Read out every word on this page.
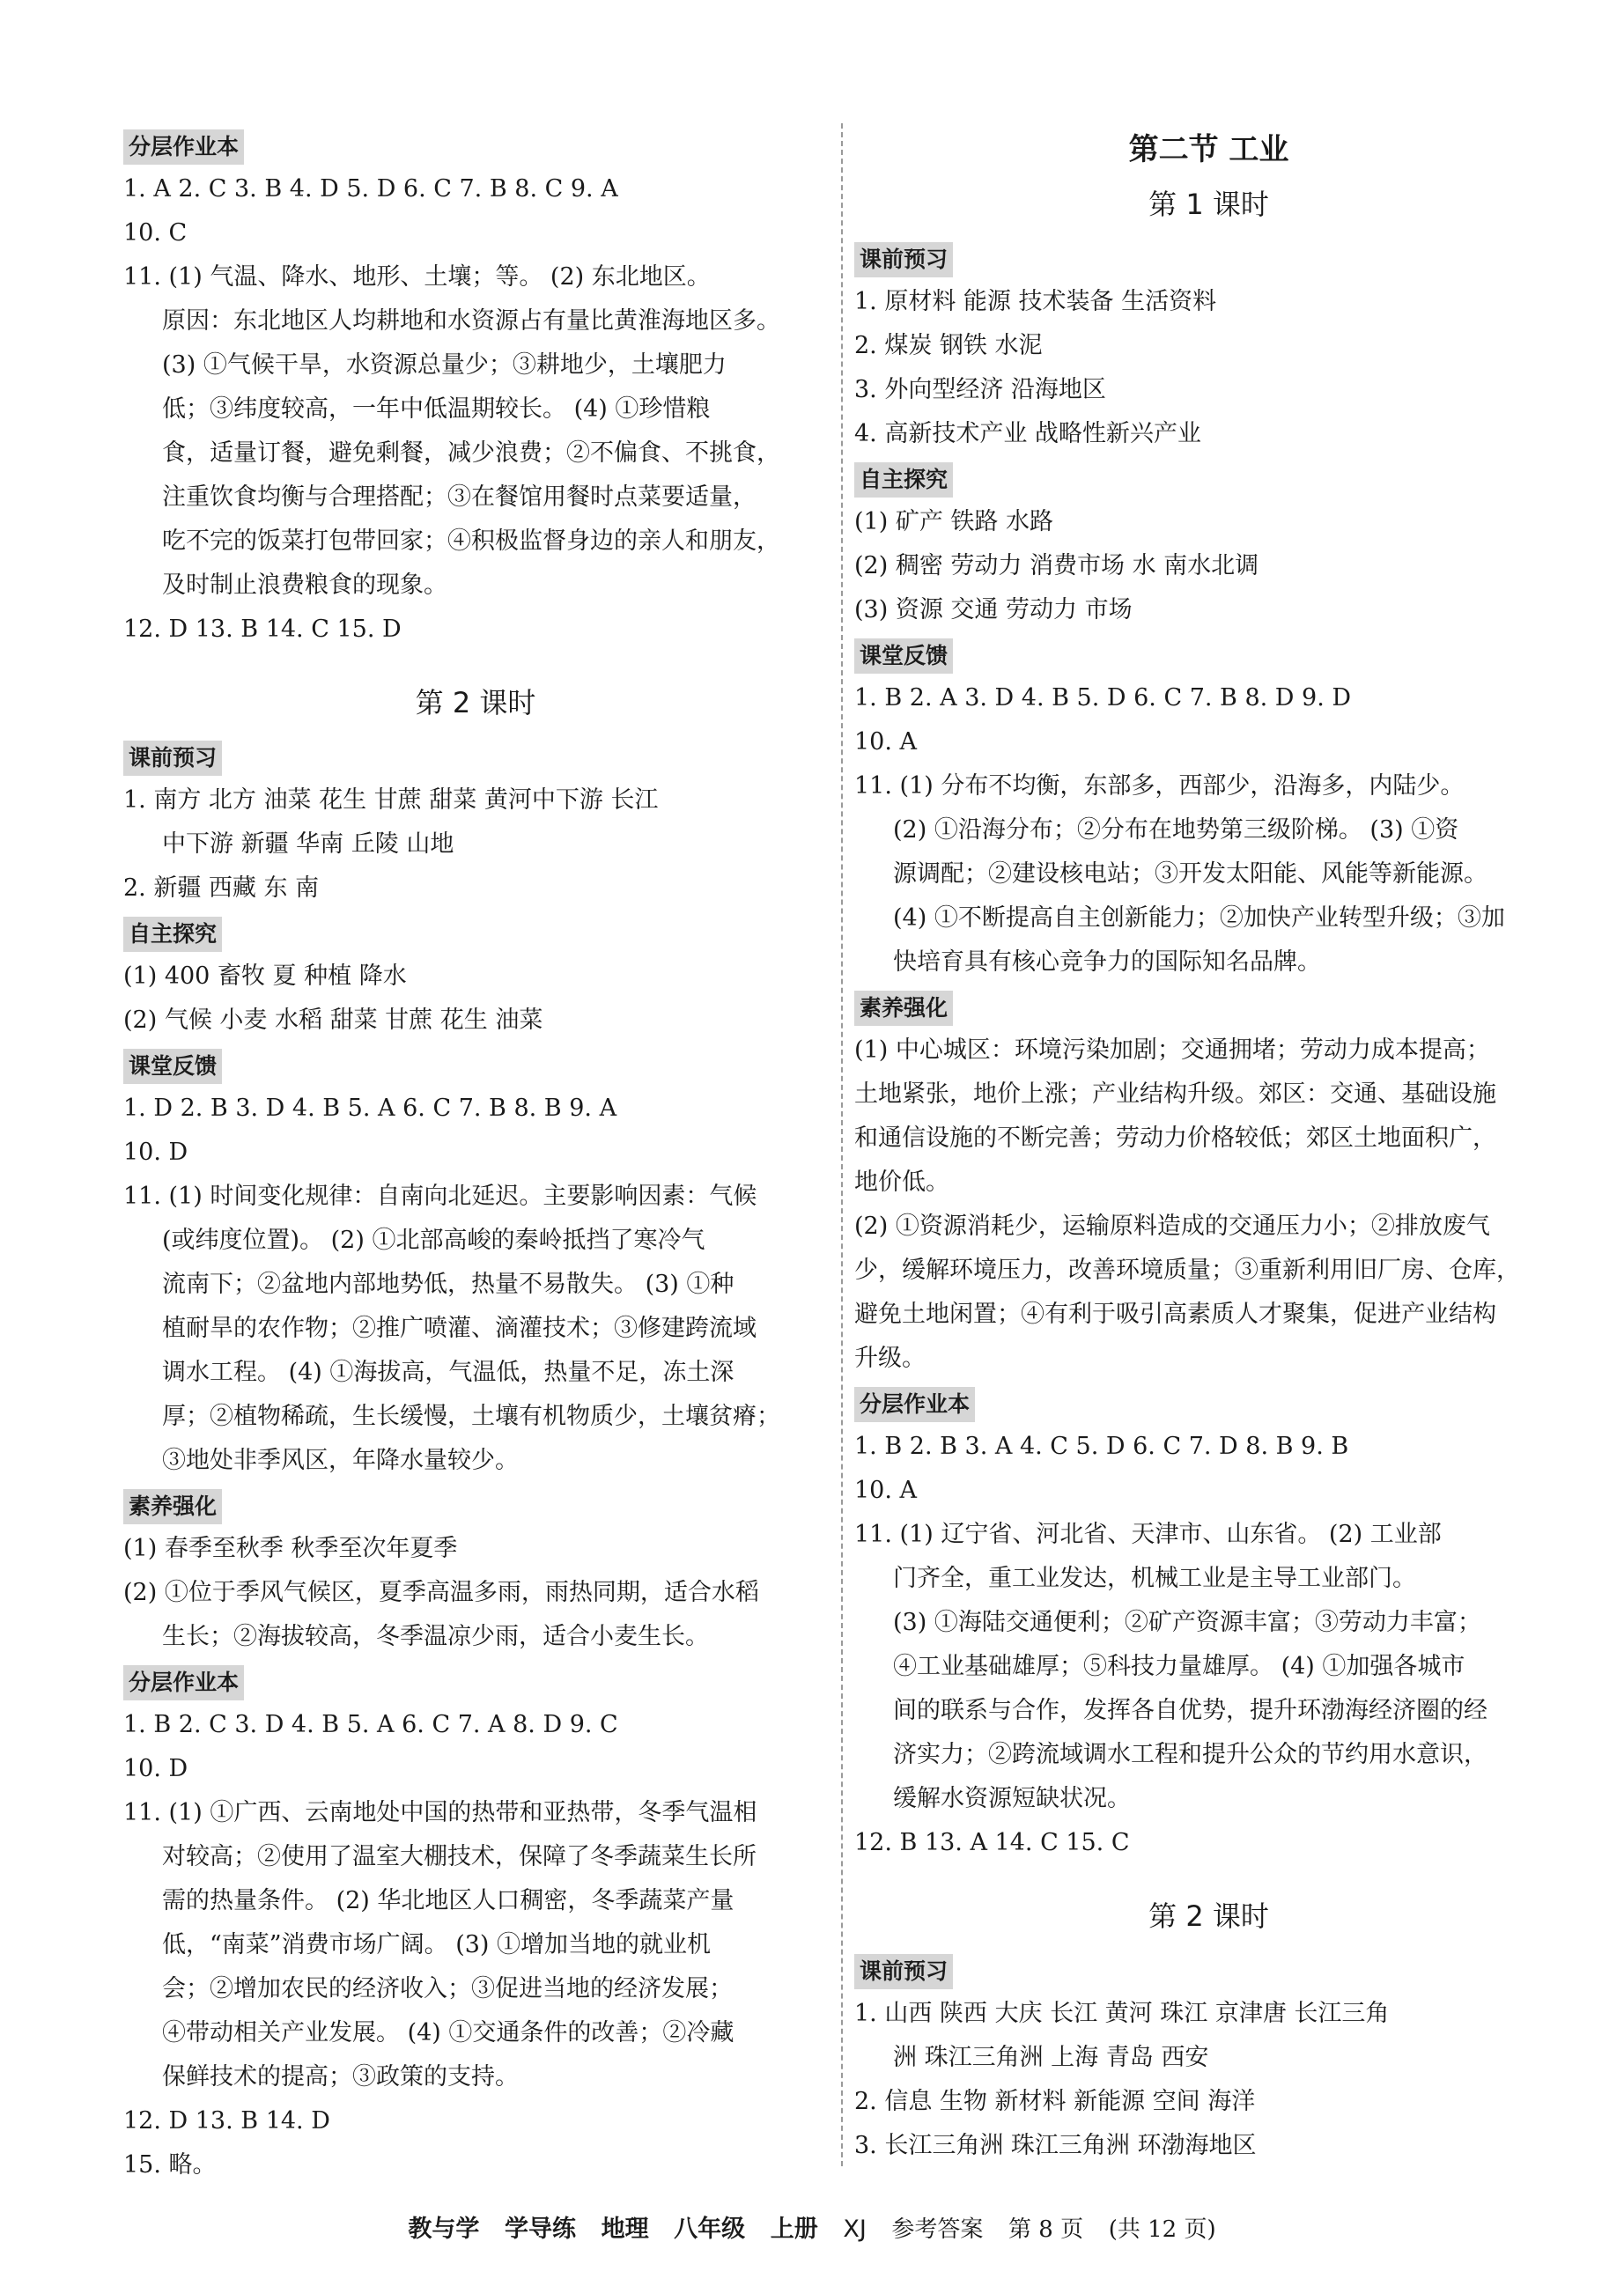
分层作业本
1. A 2. C 3. B 4. D 5. D 6. C 7. B 8. C 9. A
10. C
11. (1) 气温、降水、地形、土壤；等。 (2) 东北地区。
原因：东北地区人均耕地和水资源占有量比黄淮海地区多。
(3) ①气候干旱，水资源总量少；③耕地少，土壤肥力
低；③纬度较高，一年中低温期较长。 (4) ①珍惜粮
食，适量订餐，避免剩餐，减少浪费；②不偏食、不挑食，
注重饮食均衡与合理搭配；③在餐馆用餐时点菜要适量，
吃不完的饭菜打包带回家；④积极监督身边的亲人和朋友，
及时制止浪费粮食的现象。
12. D 13. B 14. C 15. D
第 2 课时
课前预习
1. 南方 北方 油菜 花生 甘蔗 甜菜 黄河中下游 长江
中下游 新疆 华南 丘陵 山地
2. 新疆 西藏 东 南
自主探究
(1) 400 畜牧 夏 种植 降水
(2) 气候 小麦 水稻 甜菜 甘蔗 花生 油菜
课堂反馈
1. D 2. B 3. D 4. B 5. A 6. C 7. B 8. B 9. A
10. D
11. (1) 时间变化规律：自南向北延迟。主要影响因素：气候
(或纬度位置)。 (2) ①北部高峻的秦岭抵挡了寒冷气
流南下；②盆地内部地势低，热量不易散失。 (3) ①种
植耐旱的农作物；②推广喷灌、滴灌技术；③修建跨流域
调水工程。 (4) ①海拔高，气温低，热量不足，冻土深
厚；②植物稀疏，生长缓慢，土壤有机物质少，土壤贫瘠；
③地处非季风区，年降水量较少。
素养强化
(1) 春季至秋季 秋季至次年夏季
(2) ①位于季风气候区，夏季高温多雨，雨热同期，适合水稻
生长；②海拔较高，冬季温凉少雨，适合小麦生长。
分层作业本
1. B 2. C 3. D 4. B 5. A 6. C 7. A 8. D 9. C
10. D
11. (1) ①广西、云南地处中国的热带和亚热带，冬季气温相
对较高；②使用了温室大棚技术，保障了冬季蔬菜生长所
需的热量条件。 (2) 华北地区人口稠密，冬季蔬菜产量
低，“南菜”消费市场广阔。 (3) ①增加当地的就业机
会；②增加农民的经济收入；③促进当地的经济发展；
④带动相关产业发展。 (4) ①交通条件的改善；②冷藏
保鲜技术的提高；③政策的支持。
12. D 13. B 14. D
15. 略。
第二节 工业
第 1 课时
课前预习
1. 原材料 能源 技术装备 生活资料
2. 煤炭 钢铁 水泥
3. 外向型经济 沿海地区
4. 高新技术产业 战略性新兴产业
自主探究
(1) 矿产 铁路 水路
(2) 稠密 劳动力 消费市场 水 南水北调
(3) 资源 交通 劳动力 市场
课堂反馈
1. B 2. A 3. D 4. B 5. D 6. C 7. B 8. D 9. D
10. A
11. (1) 分布不均衡，东部多，西部少，沿海多，内陆少。
(2) ①沿海分布；②分布在地势第三级阶梯。 (3) ①资
源调配；②建设核电站；③开发太阳能、风能等新能源。
(4) ①不断提高自主创新能力；②加快产业转型升级；③加
快培育具有核心竞争力的国际知名品牌。
素养强化
(1) 中心城区：环境污染加剧；交通拥堵；劳动力成本提高；
土地紧张，地价上涨；产业结构升级。郊区：交通、基础设施
和通信设施的不断完善；劳动力价格较低；郊区土地面积广，
地价低。
(2) ①资源消耗少，运输原料造成的交通压力小；②排放废气
少，缓解环境压力，改善环境质量；③重新利用旧厂房、仓库，
避免土地闲置；④有利于吸引高素质人才聚集，促进产业结构
升级。
分层作业本
1. B 2. B 3. A 4. C 5. D 6. C 7. D 8. B 9. B
10. A
11. (1) 辽宁省、河北省、天津市、山东省。 (2) 工业部
门齐全，重工业发达，机械工业是主导工业部门。
(3) ①海陆交通便利；②矿产资源丰富；③劳动力丰富；
④工业基础雄厚；⑤科技力量雄厚。 (4) ①加强各城市
间的联系与合作，发挥各自优势，提升环渤海经济圈的经
济实力；②跨流域调水工程和提升公众的节约用水意识，
缓解水资源短缺状况。
12. B 13. A 14. C 15. C
第 2 课时
课前预习
1. 山西 陕西 大庆 长江 黄河 珠江 京津唐 长江三角
洲 珠江三角洲 上海 青岛 西安
2. 信息 生物 新材料 新能源 空间 海洋
3. 长江三角洲 珠江三角洲 环渤海地区
教与学 学导练 地理 八年级 上册 XJ 参考答案 第 8 页 (共 12 页)
